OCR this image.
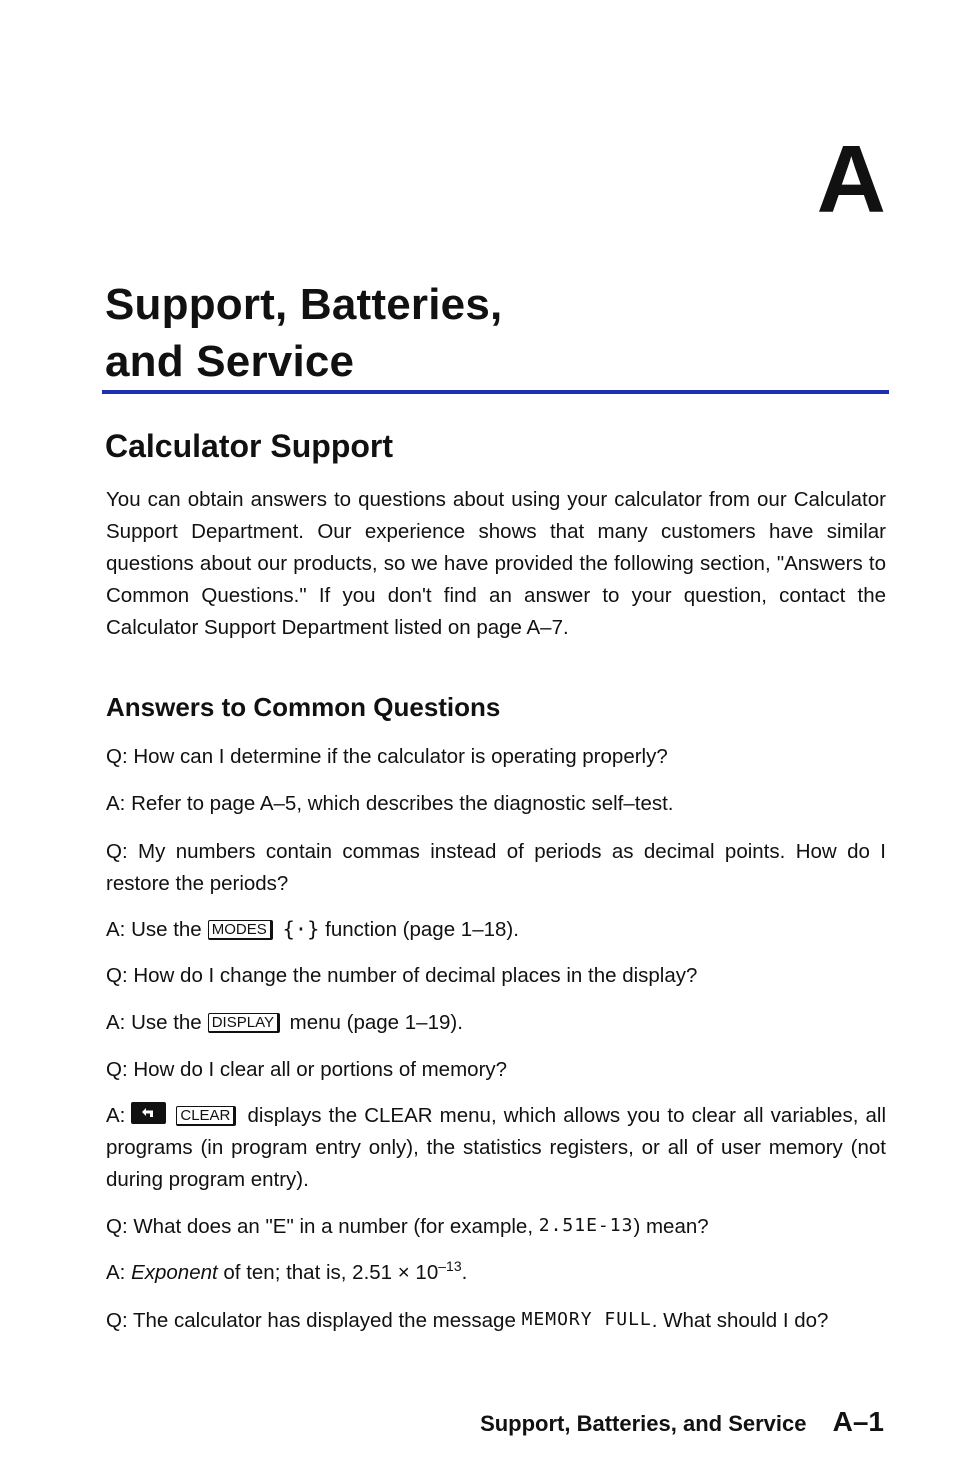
A
Support, Batteries,
and Service
Calculator Support
You can obtain answers to questions about using your calculator from our Calculator Support Department. Our experience shows that many customers have similar questions about our products, so we have provided the following section, "Answers to Common Questions." If you don't find an answer to your question, contact the Calculator Support Department listed on page A–7.
Answers to Common Questions
Q: How can I determine if the calculator is operating properly?
A: Refer to page A–5, which describes the diagnostic self–test.
Q: My numbers contain commas instead of periods as decimal points. How do I restore the periods?
A: Use the MODES {·} function (page 1–18).
Q: How do I change the number of decimal places in the display?
A: Use the DISPLAY menu (page 1–19).
Q: How do I clear all or portions of memory?
A:	CLEAR displays the CLEAR menu, which allows you to clear all variables, all programs (in program entry only), the statistics registers, or all of user memory (not during program entry).
Q: What does an "E" in a number (for example, 2.51E-13) mean?
A: Exponent of ten; that is, $2.51 \times 10^{-13}$.
Q: The calculator has displayed the message MEMORY FULL. What should I do?
Support, Batteries, and Service A–1
